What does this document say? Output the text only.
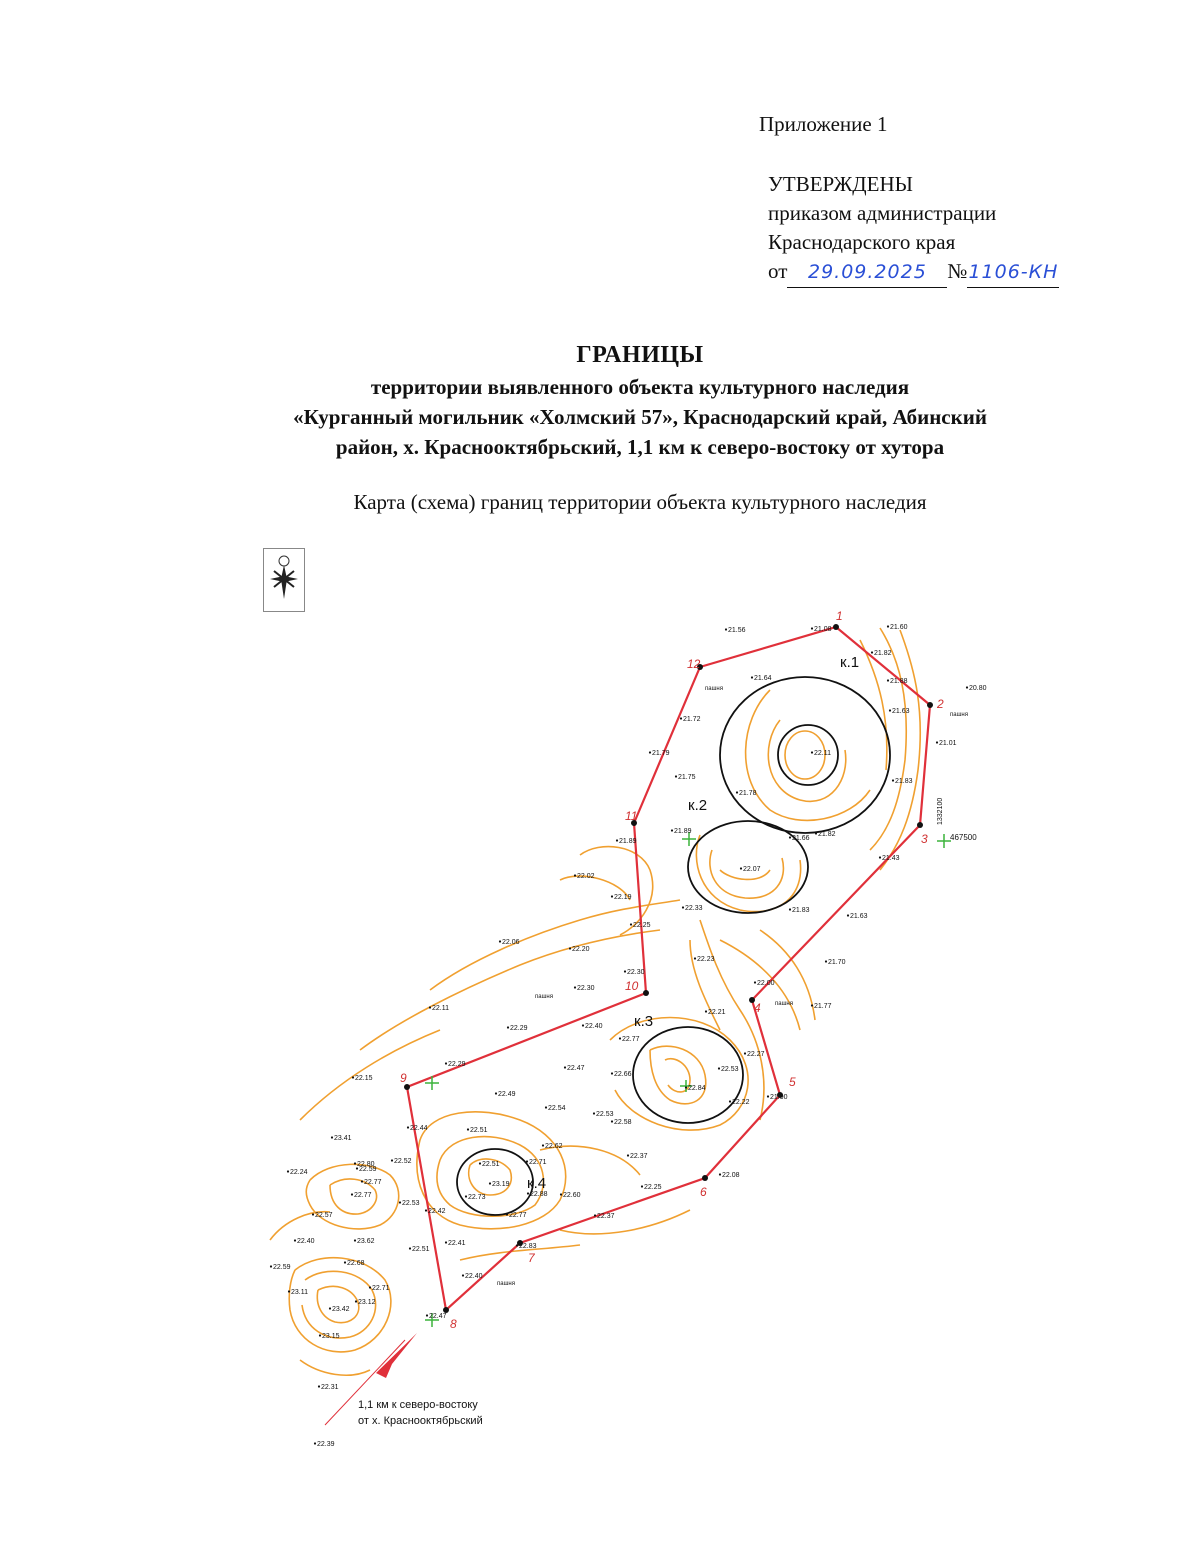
Приложение 1
УТВЕРЖДЕНЫ
приказом администрации
Краснодарского края
от 29.09.2025 №1106-КН
ГРАНИЦЫ
территории выявленного объекта культурного наследия
«Курганный могильник «Холмский 57», Краснодарский край, Абинский
район, х. Краснооктябрьский, 1,1 км к северо-востоку от хутора
Карта (схема) границ территории объекта культурного наследия
1
2
3
4
5
6
7
8
9
10
11
12	к.1
к.2
к.3
к.4
467500
1332100
пашня
пашня
пашня
пашня
пашня
21.56	21.08	21.60
21.82
21.88
20.80
21.64
21.63
21.01
21.72
22.11
21.79
21.75
21.78
21.83
21.89
21.89
21.66
21.82
21.43
22.02
22.07
22.19
22.33	21.83
21.63
22.06
22.20
22.23
22.25
21.70
22.11
22.30
22.30
22.00
21.77
22.29	22.40
22.21
22.77
22.27
22.15
22.29
22.47
22.66
22.84
22.53
22.49
22.54
22.53
22.58
22.22
21.90
22.44	22.51
22.62
23.41
22.52
22.59
22.51	22.71
22.37
22.24
22.80
22.77	23.19
22.88 22.60
22.25
22.08
22.57
22.77
22.53
22.42
22.73
22.77	22.37
22.40	23.62	22.41
22.51	22.83
22.68
22.59
23.11
22.71
23.12
23.42
22.40
23.15
22.47
22.31
22.39
1,1 км к северо-востоку
от х. Краснооктябрьский
